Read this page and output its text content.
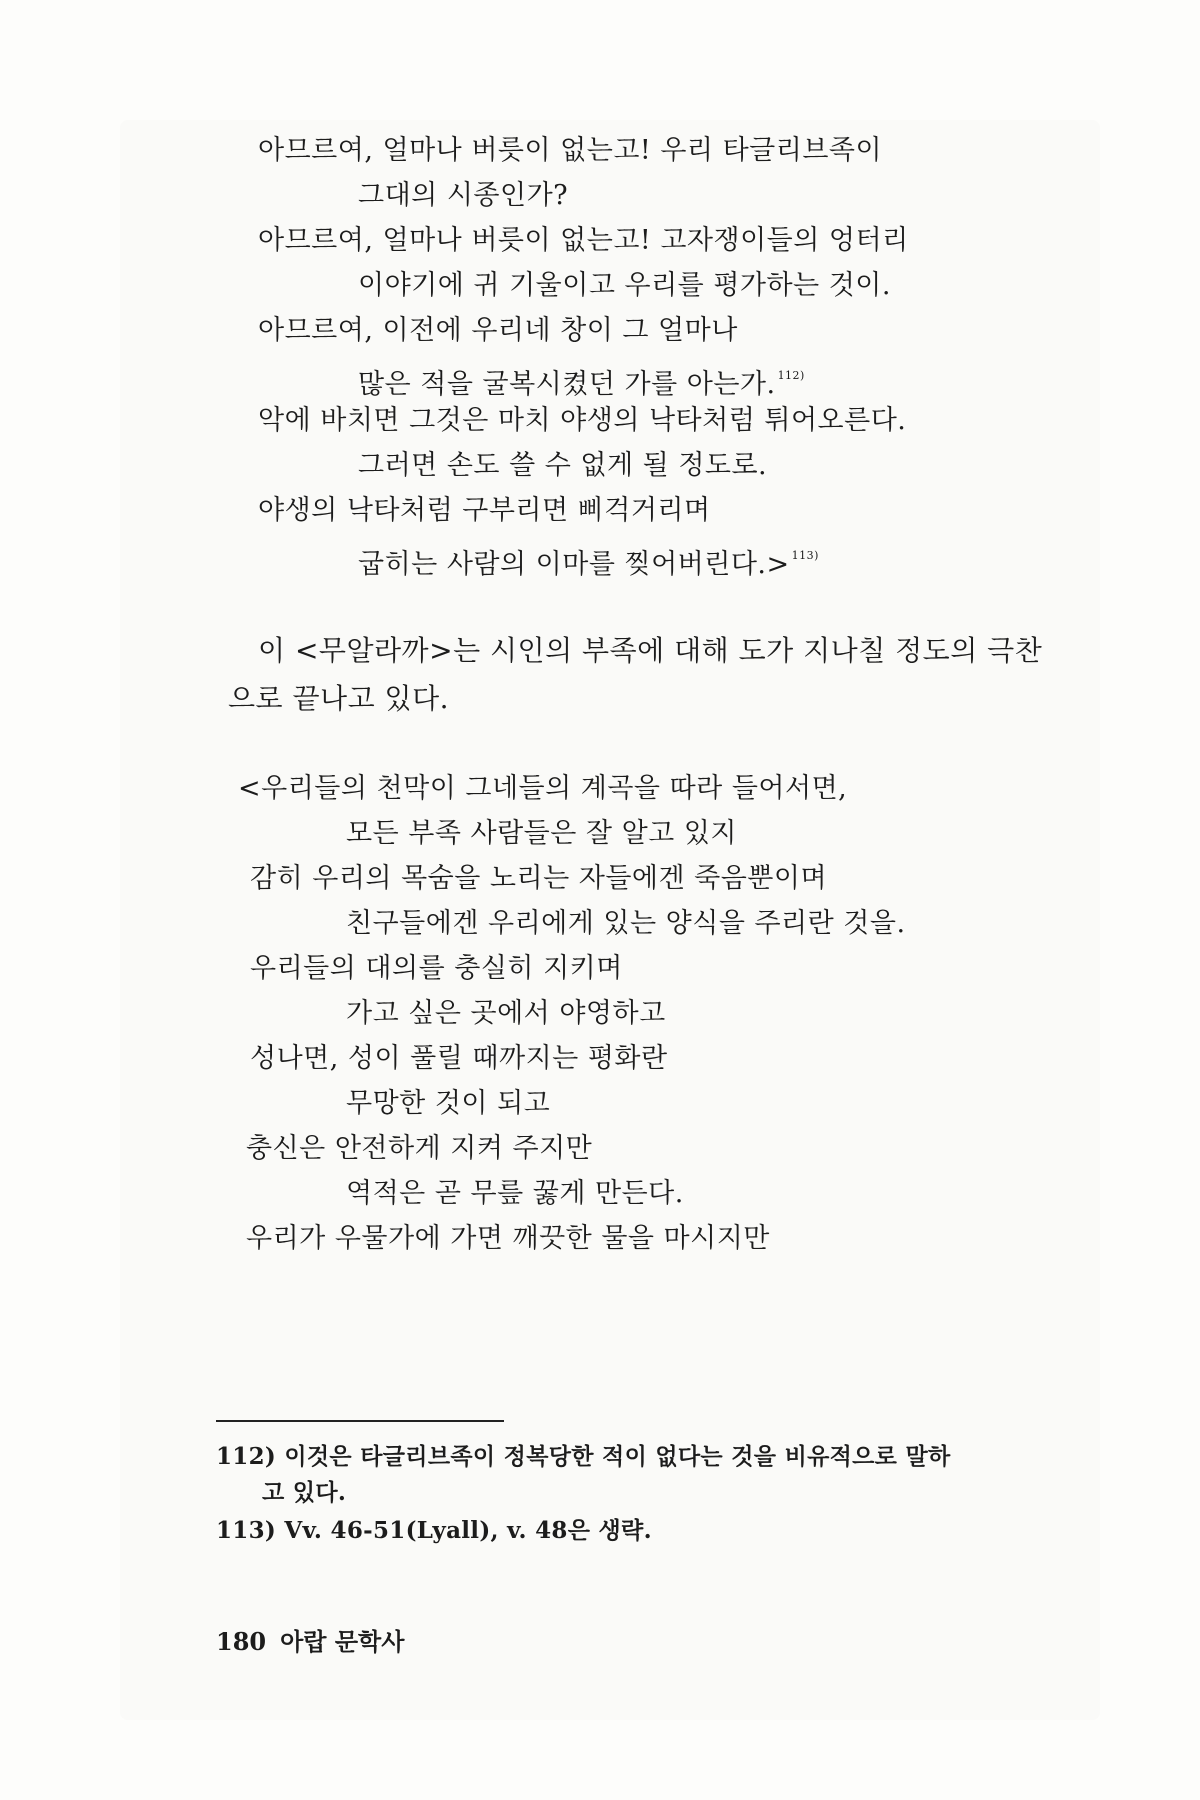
아므르여, 얼마나 버릇이 없는고! 우리 타글리브족이
그대의 시종인가?
아므르여, 얼마나 버릇이 없는고! 고자쟁이들의 엉터리
이야기에 귀 기울이고 우리를 평가하는 것이.
아므르여, 이전에 우리네 창이 그 얼마나
많은 적을 굴복시켰던 가를 아는가. $^{112)}$
악에 바치면 그것은 마치 야생의 낙타처럼 튀어오른다.
그러면 손도 쓸 수 없게 될 정도로.
야생의 낙타처럼 구부리면 삐걱거리며
굽히는 사람의 이마를 찢어버린다.> $^{113)}$
이 <무알라까>는 시인의 부족에 대해 도가 지나칠 정도의 극찬
으로 끝나고 있다.
<우리들의 천막이 그네들의 계곡을 따라 들어서면,
모든 부족 사람들은 잘 알고 있지
감히 우리의 목숨을 노리는 자들에겐 죽음뿐이며
친구들에겐 우리에게 있는 양식을 주리란 것을.
우리들의 대의를 충실히 지키며
가고 싶은 곳에서 야영하고
성나면, 성이 풀릴 때까지는 평화란
무망한 것이 되고
충신은 안전하게 지켜 주지만
역적은 곧 무릎 꿇게 만든다.
우리가 우물가에 가면 깨끗한 물을 마시지만
112) 이것은 타글리브족이 정복당한 적이 없다는 것을 비유적으로 말하
고 있다.
113) Vv. 46-51(Lyall), v. 48은 생략.
180 아랍 문학사
